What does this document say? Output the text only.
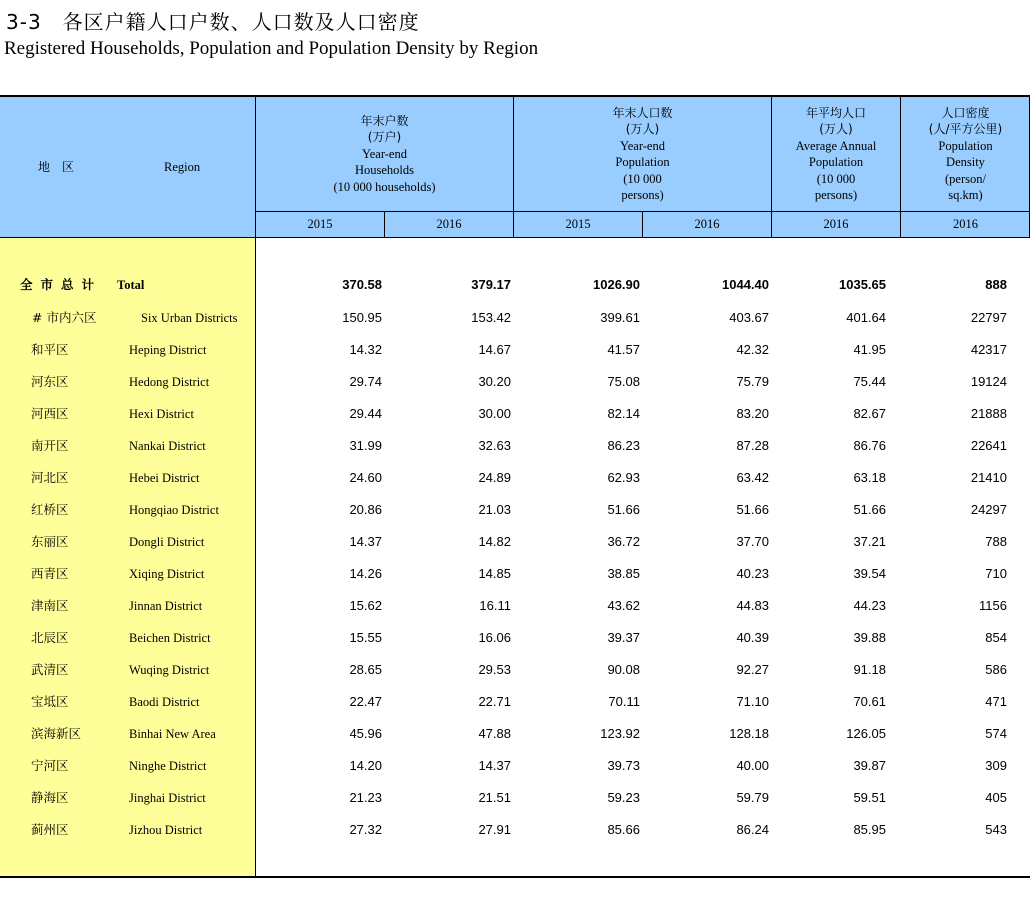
3-3　各区户籍人口户数、人口数及人口密度
Registered Households, Population and Population Density by Region
地　区	Region
年末户数
(万户)
Year-end
Households
(10 000 households)
年末人口数
(万人)
Year-end
Population
(10 000
persons)
年平均人口
(万人)
Average Annual
Population
(10 000
persons)
人口密度
(人/平方公里)
Population
Density
(person/
sq.km)
2015	2016	2015	2016	2016	2016
全市总计 Total	370.58	379.17	1026.90	1044.40	1035.65	888
# 市内六区	Six Urban Districts	150.95	153.42	399.61	403.67	401.64	22797
和平区	Heping District	14.32	14.67	41.57	42.32	41.95	42317
河东区	Hedong District	29.74	30.20	75.08	75.79	75.44	19124
河西区	Hexi District	29.44	30.00	82.14	83.20	82.67	21888
南开区	Nankai District	31.99	32.63	86.23	87.28	86.76	22641
河北区	Hebei District	24.60	24.89	62.93	63.42	63.18	21410
红桥区	Hongqiao District	20.86	21.03	51.66	51.66	51.66	24297
东丽区	Dongli District	14.37	14.82	36.72	37.70	37.21	788
西青区	Xiqing District	14.26	14.85	38.85	40.23	39.54	710
津南区	Jinnan District	15.62	16.11	43.62	44.83	44.23	1156
北辰区	Beichen District	15.55	16.06	39.37	40.39	39.88	854
武清区	Wuqing District	28.65	29.53	90.08	92.27	91.18	586
宝坻区	Baodi District	22.47	22.71	70.11	71.10	70.61	471
滨海新区	Binhai New Area	45.96	47.88	123.92	128.18	126.05	574
宁河区	Ninghe District	14.20	14.37	39.73	40.00	39.87	309
静海区	Jinghai District	21.23	21.51	59.23	59.79	59.51	405
蓟州区	Jizhou District	27.32	27.91	85.66	86.24	85.95	543
